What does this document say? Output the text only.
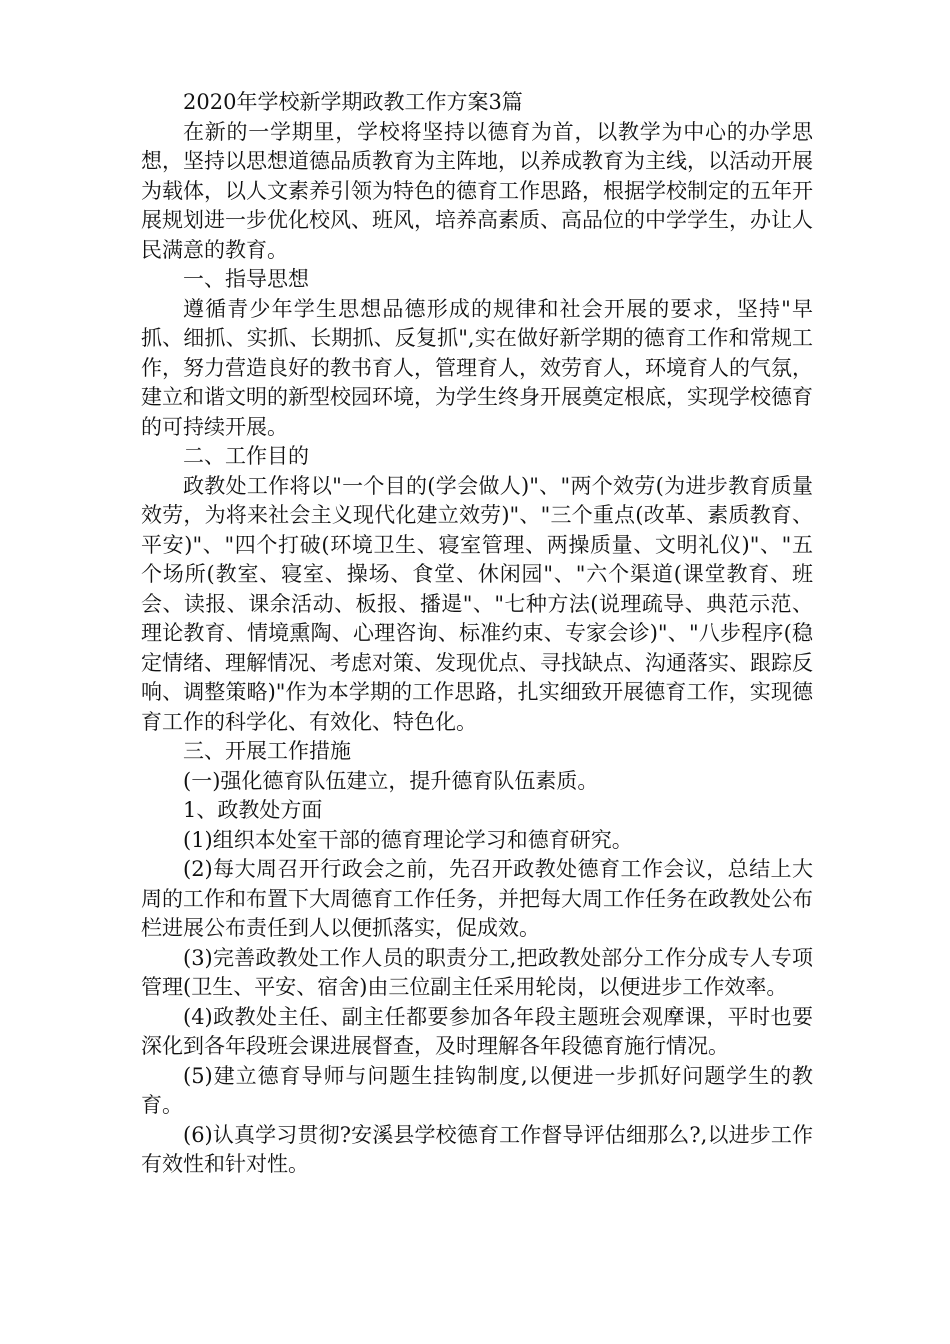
2020年学校新学期政教工作方案3篇

在新的一学期里，学校将坚持以德育为首，以教学为中心的办学思想，坚持以思想道德品质教育为主阵地，以养成教育为主线，以活动开展为载体，以人文素养引领为特色的德育工作思路，根据学校制定的五年开展规划进一步优化校风、班风，培养高素质、高品位的中学学生，办让人民满意的教育。

一、指导思想

遵循青少年学生思想品德形成的规律和社会开展的要求，坚持"早抓、细抓、实抓、长期抓、反复抓",实在做好新学期的德育工作和常规工作，努力营造良好的教书育人，管理育人，效劳育人，环境育人的气氛，建立和谐文明的新型校园环境，为学生终身开展奠定根底，实现学校德育的可持续开展。

二、工作目的

政教处工作将以"一个目的(学会做人)"、"两个效劳(为进步教育质量效劳，为将来社会主义现代化建立效劳)"、"三个重点(改革、素质教育、平安)"、"四个打破(环境卫生、寝室管理、两操质量、文明礼仪)"、"五个场所(教室、寝室、操场、食堂、休闲园"、"六个渠道(课堂教育、班会、读报、课余活动、板报、播遈"、"七种方法(说理疏导、典范示范、理论教育、情境熏陶、心理咨询、标准约束、专家会诊)"、"八步程序(稳定情绪、理解情况、考虑对策、发现优点、寻找缺点、沟通落实、跟踪反响、调整策略)"作为本学期的工作思路，扎实细致开展德育工作，实现德育工作的科学化、有效化、特色化。

三、开展工作措施

(一)强化德育队伍建立，提升德育队伍素质。

1、政教处方面

(1)组织本处室干部的德育理论学习和德育研究。

(2)每大周召开行政会之前，先召开政教处德育工作会议，总结上大周的工作和布置下大周德育工作任务，并把每大周工作任务在政教处公布栏进展公布责任到人以便抓落实，促成效。

(3)完善政教处工作人员的职责分工,把政教处部分工作分成专人专项管理(卫生、平安、宿舍)由三位副主任采用轮岗，以便进步工作效率。

(4)政教处主任、副主任都要参加各年段主题班会观摩课，平时也要深化到各年段班会课进展督查，及时理解各年段德育施行情况。

(5)建立德育导师与问题生挂钩制度,以便进一步抓好问题学生的教育。

(6)认真学习贯彻?安溪县学校德育工作督导评估细那么?,以进步工作有效性和针对性。
